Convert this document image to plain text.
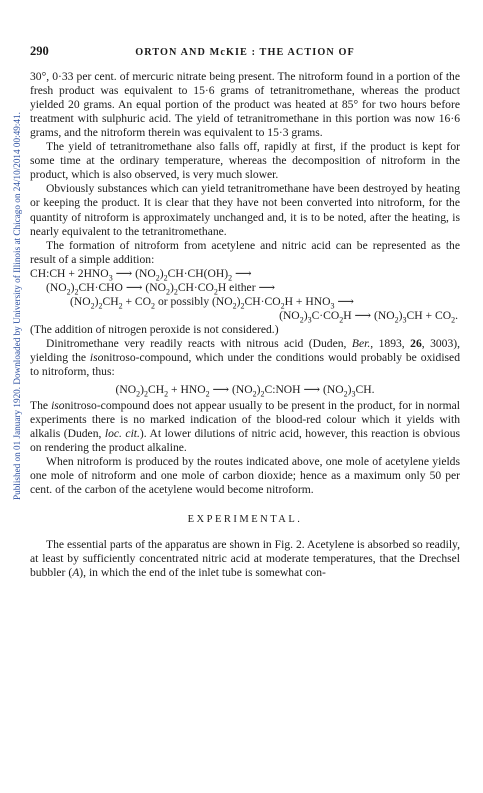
Published on 01 January 1920. Downloaded by University of Illinois at Chicago on 24/10/2014 00:49:41.
290	ORTON AND McKIE : THE ACTION OF

30°, 0·33 per cent. of mercuric nitrate being present. The nitroform found in a portion of the fresh product was equivalent to 15·6 grams of tetranitromethane, whereas the product yielded 20 grams. An equal portion of the product was heated at 85° for two hours before treatment with sulphuric acid. The yield of tetranitromethane in this portion was now 16·6 grams, and the nitroform therein was equivalent to 15·3 grams.

The yield of tetranitromethane also falls off, rapidly at first, if the product is kept for some time at the ordinary temperature, whereas the decomposition of nitroform in the product, which is also observed, is very much slower.

Obviously substances which can yield tetranitromethane have been destroyed by heating or keeping the product. It is clear that they have not been converted into nitroform, for the quantity of nitroform is approximately unchanged and, it is to be noted, after the heating, is nearly equivalent to the tetranitromethane.

The formation of nitroform from acetylene and nitric acid can be represented as the result of a simple addition:

CH:CH + $2HNO_3$ ⟶ $(NO_2)_2CH\cdot CH(OH)_2$ ⟶

$(NO_2)_2CH\cdot CHO$ ⟶ $(NO_2)_2CH\cdot CO_2H$ either ⟶

$(NO_2)_2CH_2 + CO_2$ or possibly $(NO_2)_2CH\cdot CO_2H + HNO_3$ ⟶

$(NO_2)_3C\cdot CO_2H$ ⟶ $(NO_2)_3CH + CO_2$.

(The addition of nitrogen peroxide is not considered.)

Dinitromethane very readily reacts with nitrous acid (Duden, Ber., 1893, 26, 3003), yielding the isonitroso-compound, which under the conditions would probably be oxidised to nitroform, thus:

$(NO_2)_2CH_2 + HNO_2$ ⟶ $(NO_2)_2C:NOH$ ⟶ $(NO_2)_3CH$.

The isonitroso-compound does not appear usually to be present in the product, for in normal experiments there is no marked indication of the blood-red colour which it yields with alkalis (Duden, loc. cit.). At lower dilutions of nitric acid, however, this reaction is obvious on rendering the product alkaline.

When nitroform is produced by the routes indicated above, one mole of acetylene yields one mole of nitroform and one mole of carbon dioxide; hence as a maximum only 50 per cent. of the carbon of the acetylene would become nitroform.

EXPERIMENTAL.

The essential parts of the apparatus are shown in Fig. 2. Acetylene is absorbed so readily, at least by sufficiently concentrated nitric acid at moderate temperatures, that the Drechsel bubbler (A), in which the end of the inlet tube is somewhat con-
